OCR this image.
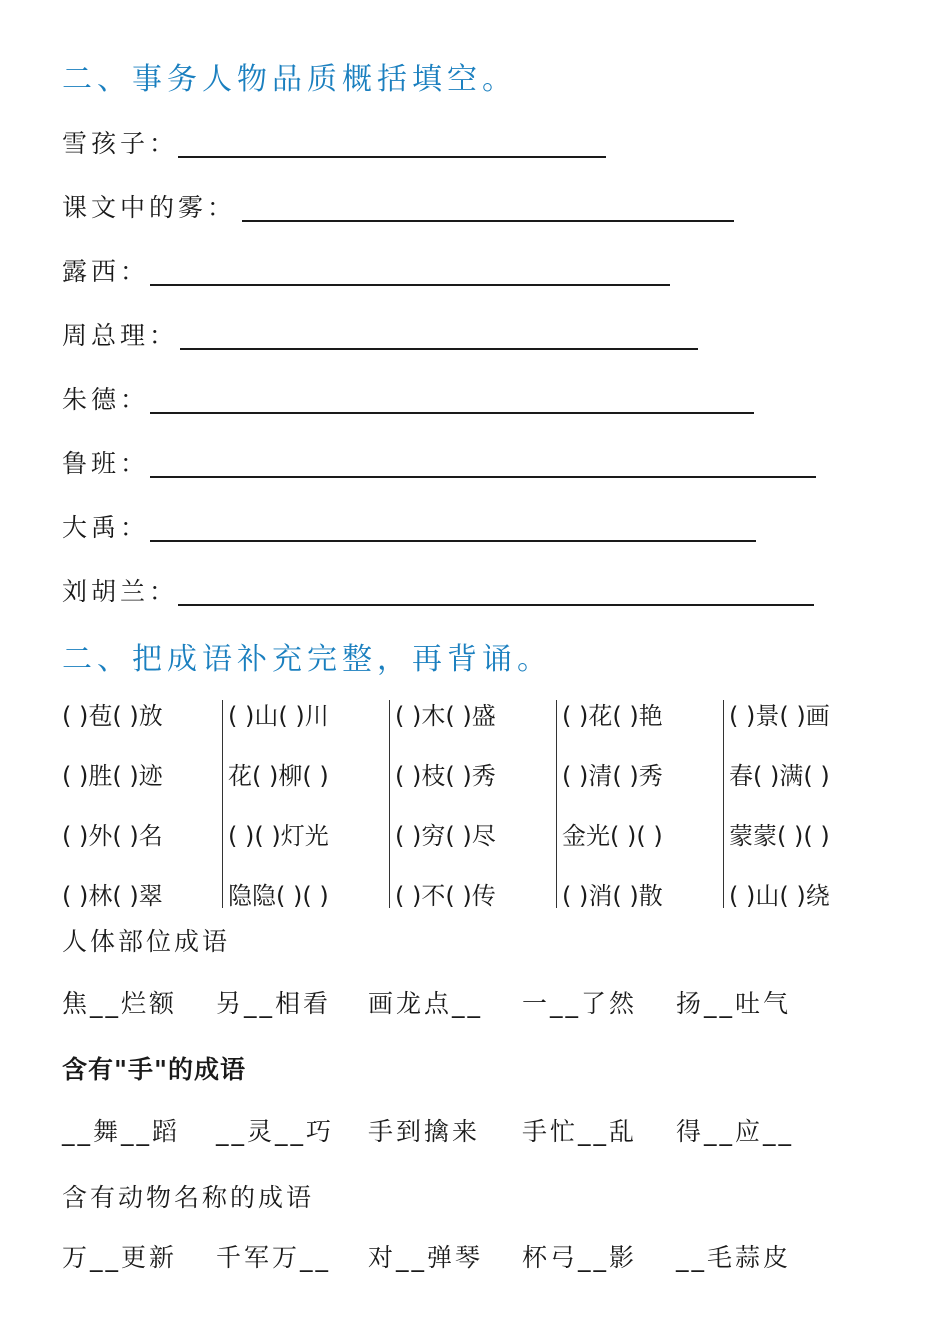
二、事务人物品质概括填空。
雪孩子：
课文中的雾：
露西：
周总理：
朱德：
鲁班：
大禹：
刘胡兰：
二、把成语补充完整，再背诵。
( )苞( )放
( )胜( )迹
( )外( )名
( )林( )翠
( )山( )川
花( )柳( )
( )( )灯光
隐隐( )( )
( )木( )盛
( )枝( )秀
( )穷( )尽
( )不( )传
( )花( )艳
( )清( )秀
金光( )( )
( )消( )散
( )景( )画
春( )满( )
蒙蒙( )( )
( )山( )绕
人体部位成语
焦__烂额 另__相看 画龙点__ 一__了然 扬__吐气
含有"手"的成语
__舞__蹈 __灵__巧 手到擒来 手忙__乱 得__应__
含有动物名称的成语
万__更新 千军万__ 对__弹琴 杯弓__影 __毛蒜皮
